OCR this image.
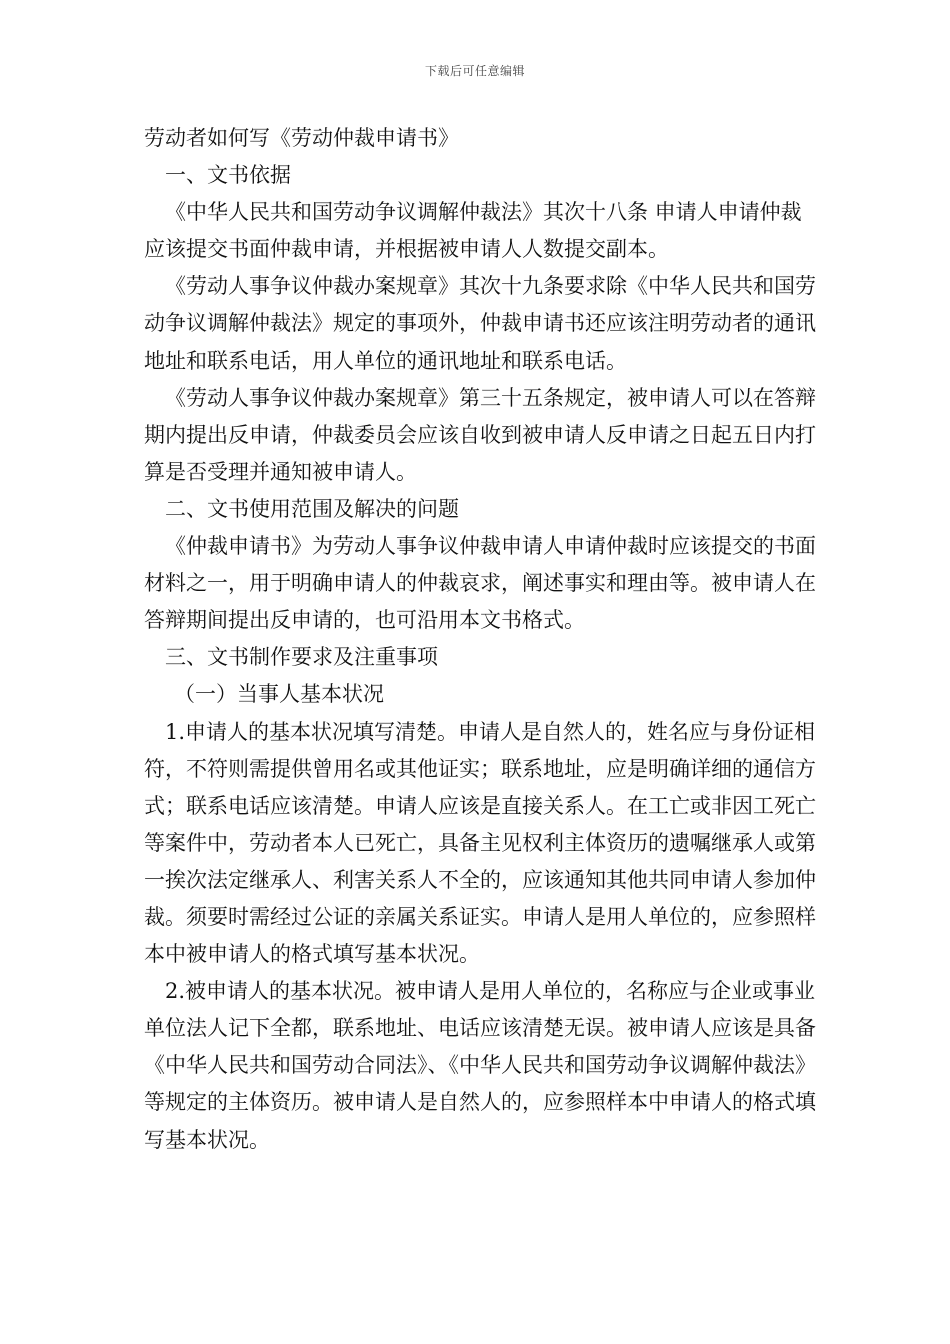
下载后可任意编辑

劳动者如何写《劳动仲裁申请书》

一、文书依据

《中华人民共和国劳动争议调解仲裁法》其次十八条 申请人申请仲裁应该提交书面仲裁申请，并根据被申请人人数提交副本。

《劳动人事争议仲裁办案规章》其次十九条要求除《中华人民共和国劳动争议调解仲裁法》规定的事项外，仲裁申请书还应该注明劳动者的通讯地址和联系电话，用人单位的通讯地址和联系电话。

《劳动人事争议仲裁办案规章》第三十五条规定，被申请人可以在答辩期内提出反申请，仲裁委员会应该自收到被申请人反申请之日起五日内打算是否受理并通知被申请人。

二、文书使用范围及解决的问题

《仲裁申请书》为劳动人事争议仲裁申请人申请仲裁时应该提交的书面材料之一，用于明确申请人的仲裁哀求，阐述事实和理由等。被申请人在答辩期间提出反申请的，也可沿用本文书格式。

三、文书制作要求及注重事项

（一）当事人基本状况

1.申请人的基本状况填写清楚。申请人是自然人的，姓名应与身份证相符，不符则需提供曾用名或其他证实；联系地址，应是明确详细的通信方式；联系电话应该清楚。申请人应该是直接关系人。在工亡或非因工死亡等案件中，劳动者本人已死亡，具备主见权利主体资历的遗嘱继承人或第一挨次法定继承人、利害关系人不全的，应该通知其他共同申请人参加仲裁。须要时需经过公证的亲属关系证实。申请人是用人单位的，应参照样本中被申请人的格式填写基本状况。

2.被申请人的基本状况。被申请人是用人单位的，名称应与企业或事业单位法人记下全都，联系地址、电话应该清楚无误。被申请人应该是具备《中华人民共和国劳动合同法》、《中华人民共和国劳动争议调解仲裁法》等规定的主体资历。被申请人是自然人的，应参照样本中申请人的格式填写基本状况。
